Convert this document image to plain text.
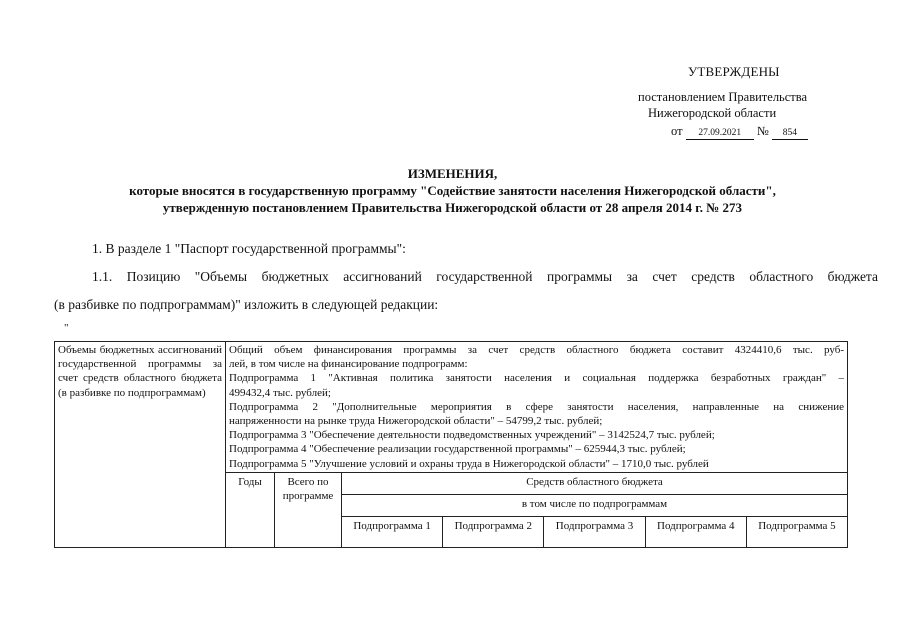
УТВЕРЖДЕНЫ
постановлением Правительства
Нижегородской области
от 27.09.2021 № 854
ИЗМЕНЕНИЯ,
которые вносятся в государственную программу "Содействие занятости населения Нижегородской области",
утвержденную постановлением Правительства Нижегородской области от 28 апреля 2014 г. № 273
1. В разделе 1 "Паспорт государственной программы":
1.1. Позицию "Объемы бюджетных ассигнований государственной программы за счет средств областного бюджета
(в разбивке по подпрограммам)" изложить в следующей редакции:
"
Объемы бюджетных ассигнований государственной программы за счет средств областного бюджета (в разбивке по подпрограммам)	
Общий объем финансирования программы за счет средств областного бюджета составит 4324410,6 тыс. руб-
лей, в том числе на финансирование подпрограмм:
Подпрограмма 1 "Активная политика занятости населения и социальная поддержка безработных граждан" –
499432,4 тыс. рублей;
Подпрограмма 2 "Дополнительные мероприятия в сфере занятости населения, направленные на снижение
напряженности на рынке труда Нижегородской области" – 54799,2 тыс. рублей;
Подпрограмма 3 "Обеспечение деятельности подведомственных учреждений" – 3142524,7 тыс. рублей;
Подпрограмма 4 "Обеспечение реализации государственной программы" – 625944,3 тыс. рублей;
Подпрограмма 5 "Улучшение условий и охраны труда в Нижегородской области" – 1710,0 тыс. рублей

Годы	Всего по программе	Средств областного бюджета
в том числе по подпрограммам
Подпрограмма 1	Подпрограмма 2	Подпрограмма 3	Подпрограмма 4	Подпрограмма 5
